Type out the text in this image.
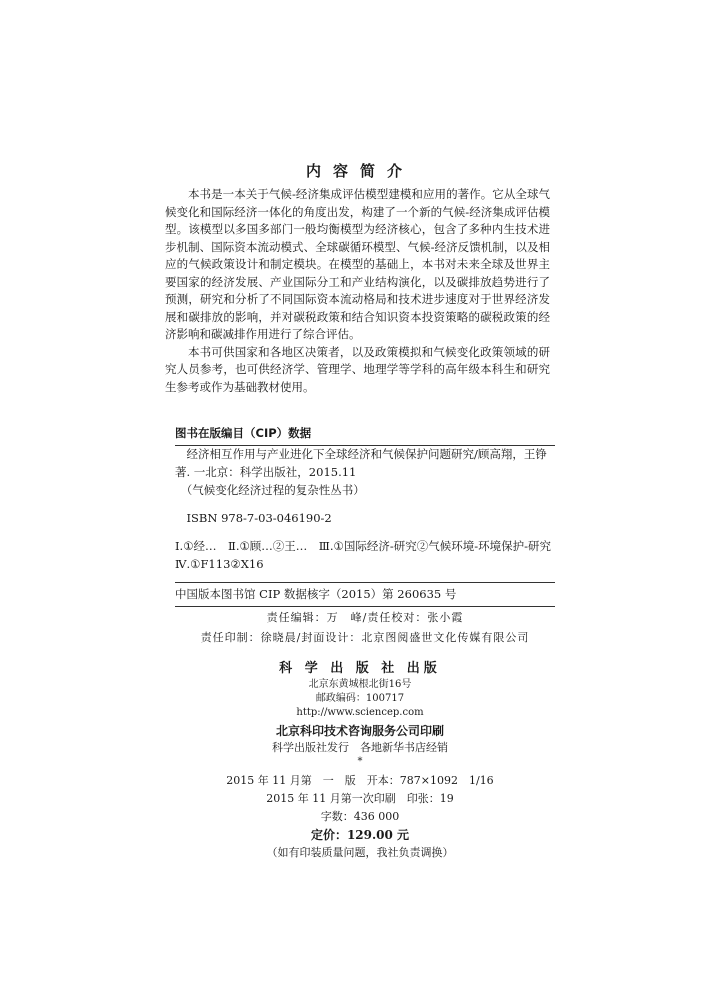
内容简介

本书是一本关于气候-经济集成评估模型建模和应用的著作。它从全球气候变化和国际经济一体化的角度出发，构建了一个新的气候-经济集成评估模型。该模型以多国多部门一般均衡模型为经济核心，包含了多种内生技术进步机制、国际资本流动模式、全球碳循环模型、气候-经济反馈机制，以及相应的气候政策设计和制定模块。在模型的基础上，本书对未来全球及世界主要国家的经济发展、产业国际分工和产业结构演化，以及碳排放趋势进行了预测，研究和分析了不同国际资本流动格局和技术进步速度对于世界经济发展和碳排放的影响，并对碳税政策和结合知识资本投资策略的碳税政策的经济影响和碳减排作用进行了综合评估。

本书可供国家和各地区决策者，以及政策模拟和气候变化政策领域的研究人员参考，也可供经济学、管理学、地理学等学科的高年级本科生和研究生参考或作为基础教材使用。

图书在版编目（CIP）数据
经济相互作用与产业进化下全球经济和气候保护问题研究/顾高翔，王铮著. 一北京：科学出版社，2015.11
（气候变化经济过程的复杂性丛书）
ISBN 978-7-03-046190-2
Ⅰ.①经…　Ⅱ.①顾…②王…　Ⅲ.①国际经济-研究②气候环境-环境保护-研究　Ⅳ.①F113②X16
中国版本图书馆 CIP 数据核字（2015）第 260635 号
责任编辑：万　峰/责任校对：张小霞
责任印制：徐晓晨/封面设计：北京图阅盛世文化传媒有限公司
科 学 出 版 社 出版
北京东黄城根北街16号
邮政编码：100717
http://www.sciencep.com
北京科印技术咨询服务公司印刷
科学出版社发行　各地新华书店经销
*
2015 年 11 月第　一　版　开本：787×1092　1/16
2015 年 11 月第一次印刷　印张：19
字数：436 000
定价：129.00 元
（如有印装质量问题，我社负责调换）
